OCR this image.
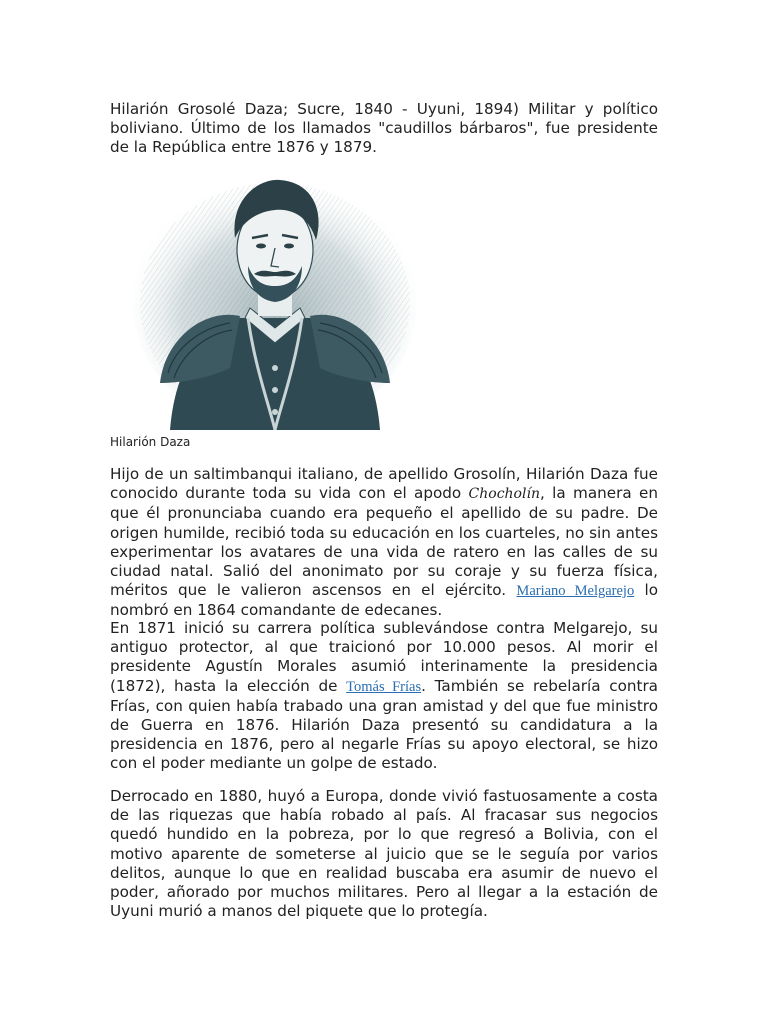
Hilarión Grosolé Daza; Sucre, 1840 - Uyuni, 1894) Militar y político boliviano. Último de los llamados "caudillos bárbaros", fue presidente de la República entre 1876 y 1879.

Hilarión Daza

Hijo de un saltimbanqui italiano, de apellido Grosolín, Hilarión Daza fue conocido durante toda su vida con el apodo Chocholín, la manera en que él pronunciaba cuando era pequeño el apellido de su padre. De origen humilde, recibió toda su educación en los cuarteles, no sin antes experimentar los avatares de una vida de ratero en las calles de su ciudad natal. Salió del anonimato por su coraje y su fuerza física, méritos que le valieron ascensos en el ejército. Mariano Melgarejo lo nombró en 1864 comandante de edecanes.

En 1871 inició su carrera política sublevándose contra Melgarejo, su antiguo protector, al que traicionó por 10.000 pesos. Al morir el presidente Agustín Morales asumió interinamente la presidencia (1872), hasta la elección de Tomás Frías. También se rebelaría contra Frías, con quien había trabado una gran amistad y del que fue ministro de Guerra en 1876. Hilarión Daza presentó su candidatura a la presidencia en 1876, pero al negarle Frías su apoyo electoral, se hizo con el poder mediante un golpe de estado.

Derrocado en 1880, huyó a Europa, donde vivió fastuosamente a costa de las riquezas que había robado al país. Al fracasar sus negocios quedó hundido en la pobreza, por lo que regresó a Bolivia, con el motivo aparente de someterse al juicio que se le seguía por varios delitos, aunque lo que en realidad buscaba era asumir de nuevo el poder, añorado por muchos militares. Pero al llegar a la estación de Uyuni murió a manos del piquete que lo protegía.
